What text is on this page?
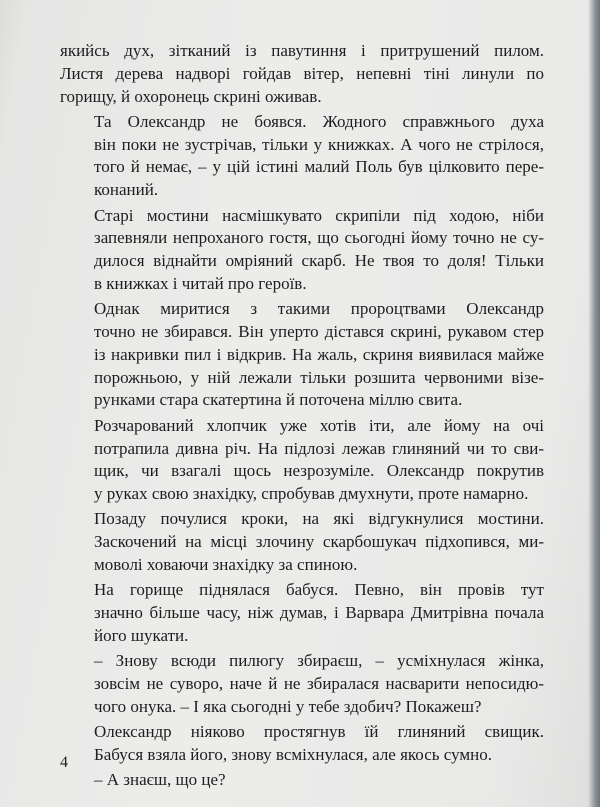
якийсь дух, зітканий із павутиння і притрушений пилом.
Листя дерева надворі гойдав вітер, непевні тіні линули по
горищу, й охоронець скрині оживав.

Та Олександр не боявся. Жодного справжнього духа
він поки не зустрічав, тільки у книжках. А чого не стрілося,
того й немає, – у цій істині малий Поль був цілковито пере-
конаний.

Старі мостини насмішкувато скрипіли під ходою, ніби
запевняли непроханого гостя, що сьогодні йому точно не су-
дилося віднайти омріяний скарб. Не твоя то доля! Тільки
в книжках і читай про героїв.

Однак миритися з такими пророцтвами Олександр
точно не збирався. Він уперто дістався скрині, рукавом стер
із накривки пил і відкрив. На жаль, скриня виявилася майже
порожньою, у ній лежали тільки розшита червоними візе-
рунками стара скатертина й поточена міллю свита.

Розчарований хлопчик уже хотів іти, але йому на очі
потрапила дивна річ. На підлозі лежав глиняний чи то сви-
щик, чи взагалі щось незрозуміле. Олександр покрутив
у руках свою знахідку, спробував дмухнути, проте намарно.

Позаду почулися кроки, на які відгукнулися мостини.
Заскочений на місці злочину скарбошукач підхопився, ми-
моволі ховаючи знахідку за спиною.

На горище піднялася бабуся. Певно, він провів тут
значно більше часу, ніж думав, і Варвара Дмитрівна почала
його шукати.

– Знову всюди пилюгу збираєш, – усміхнулася жінка,
зовсім не суворо, наче й не збиралася насварити непосидю-
чого онука. – І яка сьогодні у тебе здобич? Покажеш?

Олександр ніяково простягнув їй глиняний свищик.
Бабуся взяла його, знову всміхнулася, але якось сумно.

– А знаєш, що це?

4
